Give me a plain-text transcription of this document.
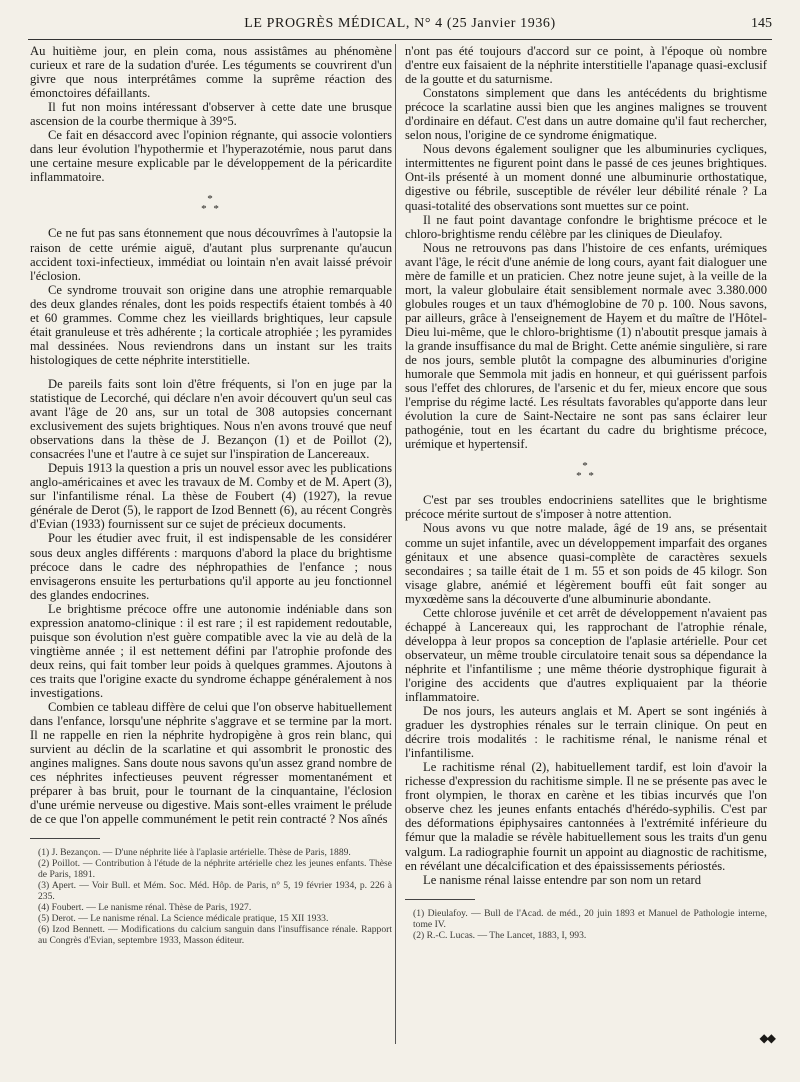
LE PROGRÈS MÉDICAL, N° 4 (25 Janvier 1936)	145

Au huitième jour, en plein coma, nous assistâmes au phénomène curieux et rare de la sudation d'urée. Les téguments se couvrirent d'un givre que nous interprétâmes comme la suprême réaction des émonctoires défaillants.

Il fut non moins intéressant d'observer à cette date une brusque ascension de la courbe thermique à 39°5.

Ce fait en désaccord avec l'opinion régnante, qui associe volontiers dans leur évolution l'hypothermie et l'hyperazotémie, nous parut dans une certaine mesure explicable par le développement de la péricardite inflammatoire.

*
* *

Ce ne fut pas sans étonnement que nous découvrîmes à l'autopsie la raison de cette urémie aiguë, d'autant plus surprenante qu'aucun accident toxi-infectieux, immédiat ou lointain n'en avait laissé prévoir l'éclosion.

Ce syndrome trouvait son origine dans une atrophie remarquable des deux glandes rénales, dont les poids respectifs étaient tombés à 40 et 60 grammes. Comme chez les vieillards brightiques, leur capsule était granuleuse et très adhérente ; la corticale atrophiée ; les pyramides mal dessinées. Nous reviendrons dans un instant sur les traits histologiques de cette néphrite interstitielle.

De pareils faits sont loin d'être fréquents, si l'on en juge par la statistique de Lecorché, qui déclare n'en avoir découvert qu'un seul cas avant l'âge de 20 ans, sur un total de 308 autopsies concernant exclusivement des sujets brightiques. Nous n'en avons trouvé que neuf observations dans la thèse de J. Bezançon (1) et de Poillot (2), consacrées l'une et l'autre à ce sujet sur l'inspiration de Lancereaux.

Depuis 1913 la question a pris un nouvel essor avec les publications anglo-américaines et avec les travaux de M. Comby et de M. Apert (3), sur l'infantilisme rénal. La thèse de Foubert (4) (1927), la revue générale de Derot (5), le rapport de Izod Bennett (6), au récent Congrès d'Evian (1933) fournissent sur ce sujet de précieux documents.

Pour les étudier avec fruit, il est indispensable de les considérer sous deux angles différents : marquons d'abord la place du brightisme précoce dans le cadre des néphropathies de l'enfance ; nous envisagerons ensuite les perturbations qu'il apporte au jeu fonctionnel des glandes endocrines.

Le brightisme précoce offre une autonomie indéniable dans son expression anatomo-clinique : il est rare ; il est rapidement redoutable, puisque son évolution n'est guère compatible avec la vie au delà de la vingtième année ; il est nettement défini par l'atrophie profonde des deux reins, qui fait tomber leur poids à quelques grammes. Ajoutons à ces traits que l'origine exacte du syndrome échappe généralement à nos investigations.

Combien ce tableau diffère de celui que l'on observe habituellement dans l'enfance, lorsqu'une néphrite s'aggrave et se termine par la mort. Il ne rappelle en rien la néphrite hydropigène à gros rein blanc, qui survient au déclin de la scarlatine et qui assombrit le pronostic des angines malignes. Sans doute nous savons qu'un assez grand nombre de ces néphrites infectieuses peuvent régresser momentanément et préparer à bas bruit, pour le tournant de la cinquantaine, l'éclosion d'une urémie nerveuse ou digestive. Mais sont-elles vraiment le prélude de ce que l'on appelle communément le petit rein contracté ? Nos aînés

(1) J. Bezançon. — D'une néphrite liée à l'aplasie artérielle. Thèse de Paris, 1889.

(2) Poillot. — Contribution à l'étude de la néphrite artérielle chez les jeunes enfants. Thèse de Paris, 1891.

(3) Apert. — Voir Bull. et Mém. Soc. Méd. Hôp. de Paris, n° 5, 19 février 1934, p. 226 à 235.

(4) Foubert. — Le nanisme rénal. Thèse de Paris, 1927.

(5) Derot. — Le nanisme rénal. La Science médicale pratique, 15 XII 1933.

(6) Izod Bennett. — Modifications du calcium sanguin dans l'insuffisance rénale. Rapport au Congrès d'Evian, septembre 1933, Masson éditeur.

n'ont pas été toujours d'accord sur ce point, à l'époque où nombre d'entre eux faisaient de la néphrite interstitielle l'apanage quasi-exclusif de la goutte et du saturnisme.

Constatons simplement que dans les antécédents du brightisme précoce la scarlatine aussi bien que les angines malignes se trouvent d'ordinaire en défaut. C'est dans un autre domaine qu'il faut rechercher, selon nous, l'origine de ce syndrome énigmatique.

Nous devons également souligner que les albuminuries cycliques, intermittentes ne figurent point dans le passé de ces jeunes brightiques. Ont-ils présenté à un moment donné une albuminurie orthostatique, digestive ou fébrile, susceptible de révéler leur débilité rénale ? La quasi-totalité des observations sont muettes sur ce point.

Il ne faut point davantage confondre le brightisme précoce et le chloro-brightisme rendu célèbre par les cliniques de Dieulafoy.

Nous ne retrouvons pas dans l'histoire de ces enfants, urémiques avant l'âge, le récit d'une anémie de long cours, ayant fait dialoguer une mère de famille et un praticien. Chez notre jeune sujet, à la veille de la mort, la valeur globulaire était sensiblement normale avec 3.380.000 globules rouges et un taux d'hémoglobine de 70 p. 100. Nous savons, par ailleurs, grâce à l'enseignement de Hayem et du maître de l'Hôtel-Dieu lui-même, que le chloro-brightisme (1) n'aboutit presque jamais à la grande insuffisance du mal de Bright. Cette anémie singulière, si rare de nos jours, semble plutôt la compagne des albuminuries d'origine humorale que Semmola mit jadis en honneur, et qui guérissent parfois sous l'effet des chlorures, de l'arsenic et du fer, mieux encore que sous l'emprise du régime lacté. Les résultats favorables qu'apporte dans leur évolution la cure de Saint-Nectaire ne sont pas sans éclairer leur pathogénie, tout en les écartant du cadre du brightisme précoce, urémique et hypertensif.

*
* *

C'est par ses troubles endocriniens satellites que le brightisme précoce mérite surtout de s'imposer à notre attention.

Nous avons vu que notre malade, âgé de 19 ans, se présentait comme un sujet infantile, avec un développement imparfait des organes génitaux et une absence quasi-complète de caractères sexuels secondaires ; sa taille était de 1 m. 55 et son poids de 45 kilogr. Son visage glabre, anémié et légèrement bouffi eût fait songer au myxœdème sans la découverte d'une albuminurie abondante.

Cette chlorose juvénile et cet arrêt de développement n'avaient pas échappé à Lancereaux qui, les rapprochant de l'atrophie rénale, développa à leur propos sa conception de l'aplasie artérielle. Pour cet observateur, un même trouble circulatoire tenait sous sa dépendance la néphrite et l'infantilisme ; une même théorie dystrophique figurait à l'origine des accidents que d'autres expliquaient par la théorie inflammatoire.

De nos jours, les auteurs anglais et M. Apert se sont ingéniés à graduer les dystrophies rénales sur le terrain clinique. On peut en décrire trois modalités : le rachitisme rénal, le nanisme rénal et l'infantilisme.

Le rachitisme rénal (2), habituellement tardif, est loin d'avoir la richesse d'expression du rachitisme simple. Il ne se présente pas avec le front olympien, le thorax en carène et les tibias incurvés que l'on observe chez les jeunes enfants entachés d'hérédo-syphilis. C'est par des déformations épiphysaires cantonnées à l'extrémité inférieure du fémur que la maladie se révèle habituellement sous les traits d'un genu valgum. La radiographie fournit un appoint au diagnostic de rachitisme, en révélant une décalcification et des épaississements périostés.

Le nanisme rénal laisse entendre par son nom un retard

(1) Dieulafoy. — Bull de l'Acad. de méd., 20 juin 1893 et Manuel de Pathologie interne, tome IV.

(2) R.-C. Lucas. — The Lancet, 1883, I, 993.

◆◆
